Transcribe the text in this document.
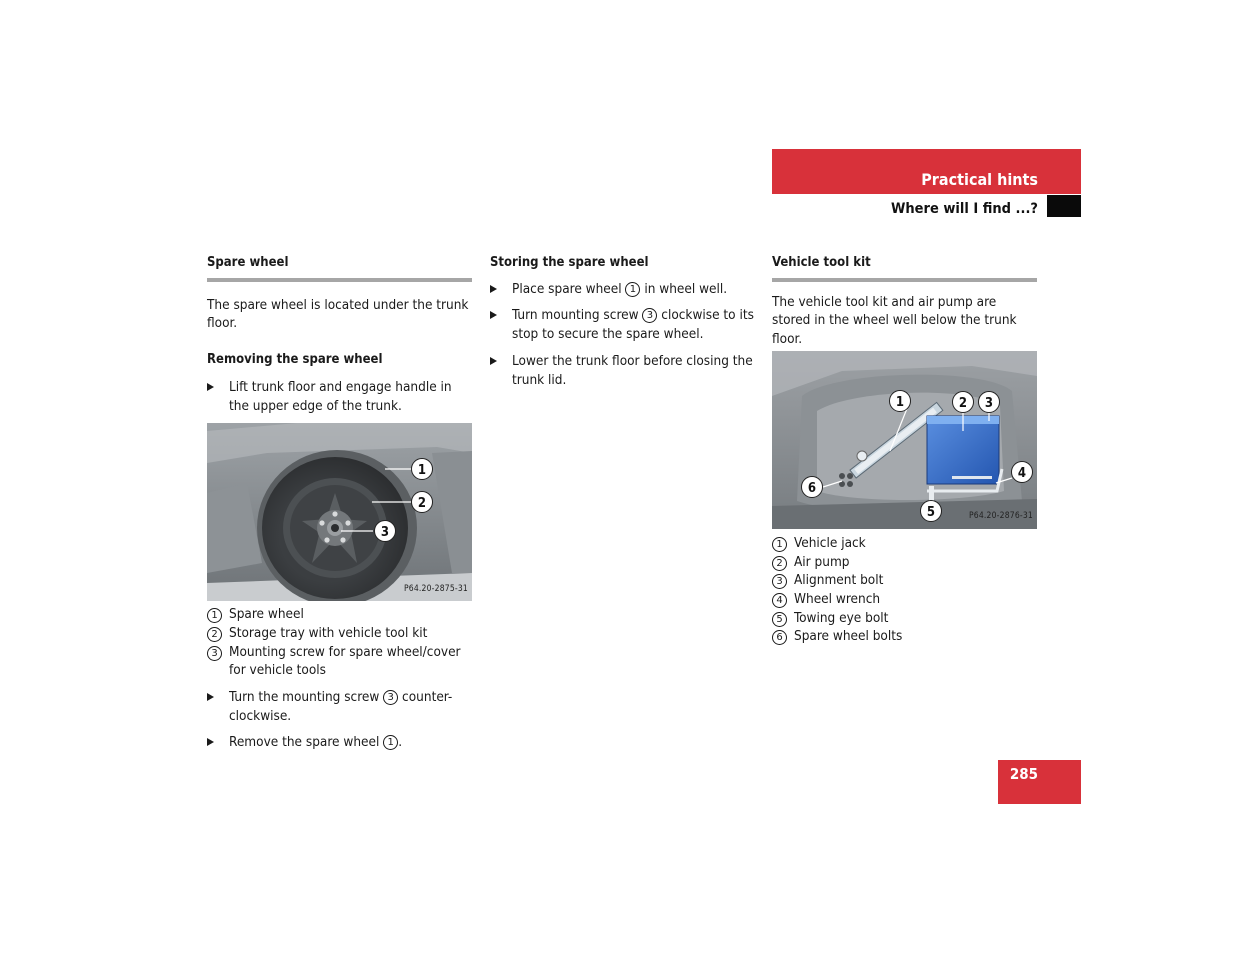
Practical hints
Where will I find ...?
Spare wheel

The spare wheel is located under the trunk floor.

Removing the spare wheel

Lift trunk floor and engage handle in the upper edge of the trunk.
1
2
3
P64.20-2875-31
1 Spare wheel
2 Storage tray with vehicle tool kit
3 Mounting screw for spare wheel/cover for vehicle tools
Turn the mounting screw 3 counter-clockwise.
Remove the spare wheel 1 .

Storing the spare wheel

Place spare wheel 1 in wheel well.
Turn mounting screw 3 clockwise to its stop to secure the spare wheel.
Lower the trunk floor before closing the trunk lid.
Vehicle tool kit

The vehicle tool kit and air pump are stored in the wheel well below the trunk floor.

1	2 3
4
5
6
P64.20-2876-31
1 Vehicle jack
2 Air pump
3 Alignment bolt
4 Wheel wrench
5 Towing eye bolt
6 Spare wheel bolts
285
